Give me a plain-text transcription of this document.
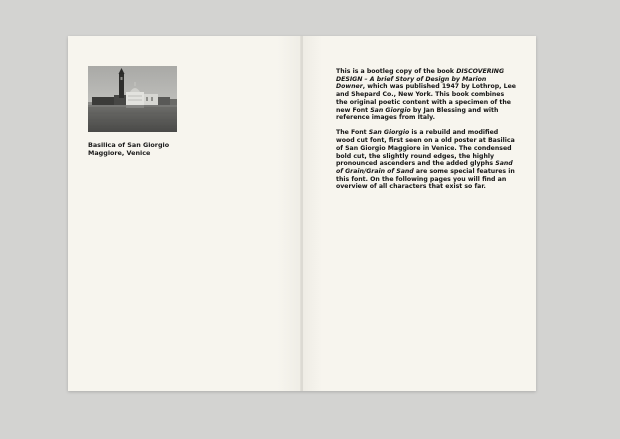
Basilica of San Giorgio
Maggiore, Venice

This is a bootleg copy of the book DISCOVERING DESIGN – A brief Story of Design by Marion Downer, which was published 1947 by Lothrop, Lee and Shepard Co., New York. This book combines the original poetic content with a specimen of the new Font San Giorgio by Jan Blessing and with reference images from Italy.

The Font San Giorgio is a rebuild and modified wood cut font, first seen on a old poster at Basilica of San Giorgio Maggiore in Venice. The condensed bold cut, the slightly round edges, the highly pronounced ascenders and the added glyphs Sand of Grain/Grain of Sand are some special features in this font. On the following pages you will find an overview of all characters that exist so far.
